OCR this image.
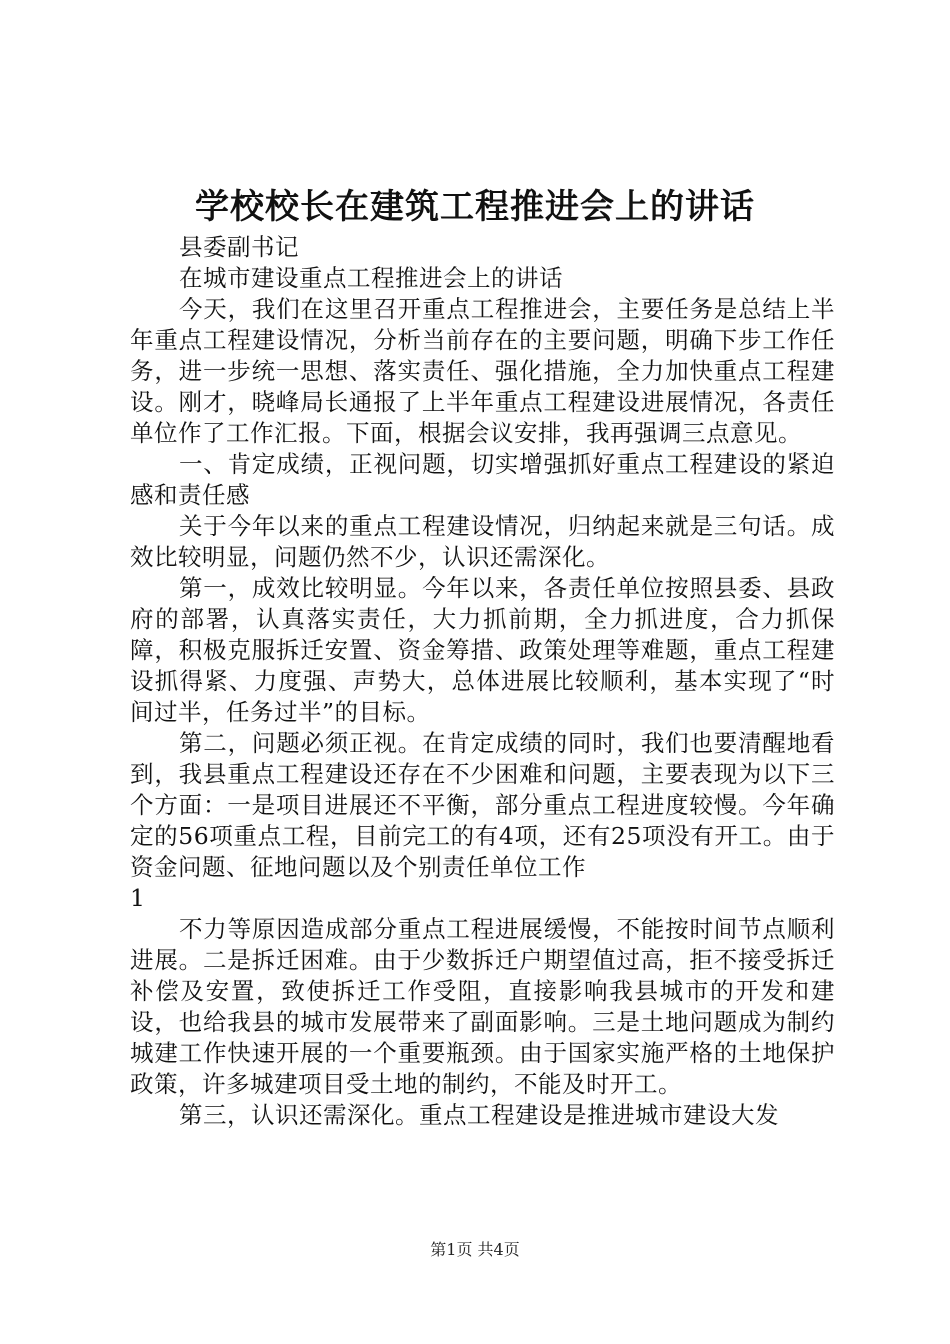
学校校长在建筑工程推进会上的讲话

县委副书记

在城市建设重点工程推进会上的讲话

今天，我们在这里召开重点工程推进会，主要任务是总结上半年重点工程建设情况，分析当前存在的主要问题，明确下步工作任务，进一步统一思想、落实责任、强化措施，全力加快重点工程建设。刚才，晓峰局长通报了上半年重点工程建设进展情况，各责任单位作了工作汇报。下面，根据会议安排，我再强调三点意见。

一、肯定成绩，正视问题，切实增强抓好重点工程建设的紧迫感和责任感

关于今年以来的重点工程建设情况，归纳起来就是三句话。成效比较明显，问题仍然不少，认识还需深化。

第一，成效比较明显。今年以来，各责任单位按照县委、县政府的部署，认真落实责任，大力抓前期，全力抓进度，合力抓保障，积极克服拆迁安置、资金筹措、政策处理等难题，重点工程建设抓得紧、力度强、声势大，总体进展比较顺利，基本实现了“时间过半，任务过半”的目标。

第二，问题必须正视。在肯定成绩的同时，我们也要清醒地看到，我县重点工程建设还存在不少困难和问题，主要表现为以下三个方面：一是项目进展还不平衡，部分重点工程进度较慢。今年确定的56项重点工程，目前完工的有4项，还有25项没有开工。由于资金问题、征地问题以及个别责任单位工作

1

不力等原因造成部分重点工程进展缓慢，不能按时间节点顺利进展。二是拆迁困难。由于少数拆迁户期望值过高，拒不接受拆迁补偿及安置，致使拆迁工作受阻，直接影响我县城市的开发和建设，也给我县的城市发展带来了副面影响。三是土地问题成为制约城建工作快速开展的一个重要瓶颈。由于国家实施严格的土地保护政策，许多城建项目受土地的制约，不能及时开工。

第三，认识还需深化。重点工程建设是推进城市建设大发

第1页 共4页
